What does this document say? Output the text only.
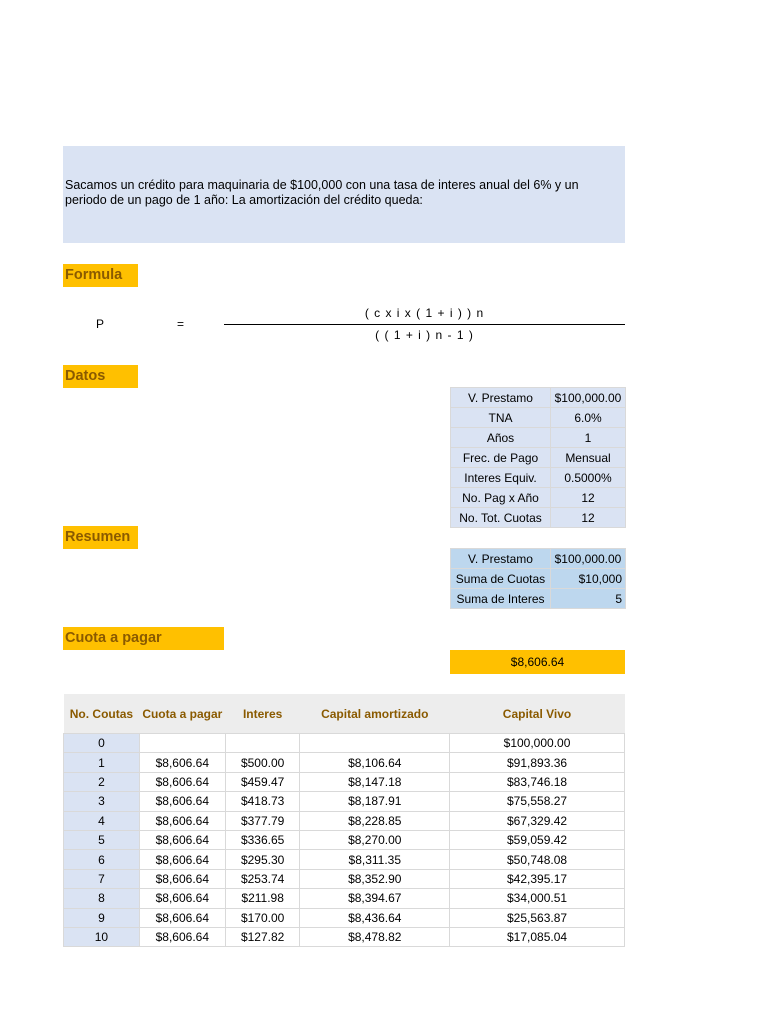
Sacamos un crédito para maquinaria de $100,000 con una tasa de interes anual del 6% y un periodo de un pago de 1 año: La amortización del crédito queda:
Formula
P	=
( c x i x ( 1 + i ) ) n
( ( 1 + i ) n - 1 )
Datos
V. Prestamo	$100,000.00
TNA	6.0%
Años	1
Frec. de Pago	Mensual
Interes Equiv.	0.5000%
No. Pag x Año	12
No. Tot. Cuotas	12
Resumen
V. Prestamo	$100,000.00
Suma de Cuotas	$10,000
Suma de Interes	5
Cuota a pagar
$8,606.64
No. Coutas	Cuota a pagar	Interes	Capital amortizado	Capital Vivo
0				$100,000.00
1	$8,606.64	$500.00	$8,106.64	$91,893.36
2	$8,606.64	$459.47	$8,147.18	$83,746.18
3	$8,606.64	$418.73	$8,187.91	$75,558.27
4	$8,606.64	$377.79	$8,228.85	$67,329.42
5	$8,606.64	$336.65	$8,270.00	$59,059.42
6	$8,606.64	$295.30	$8,311.35	$50,748.08
7	$8,606.64	$253.74	$8,352.90	$42,395.17
8	$8,606.64	$211.98	$8,394.67	$34,000.51
9	$8,606.64	$170.00	$8,436.64	$25,563.87
10	$8,606.64	$127.82	$8,478.82	$17,085.04
